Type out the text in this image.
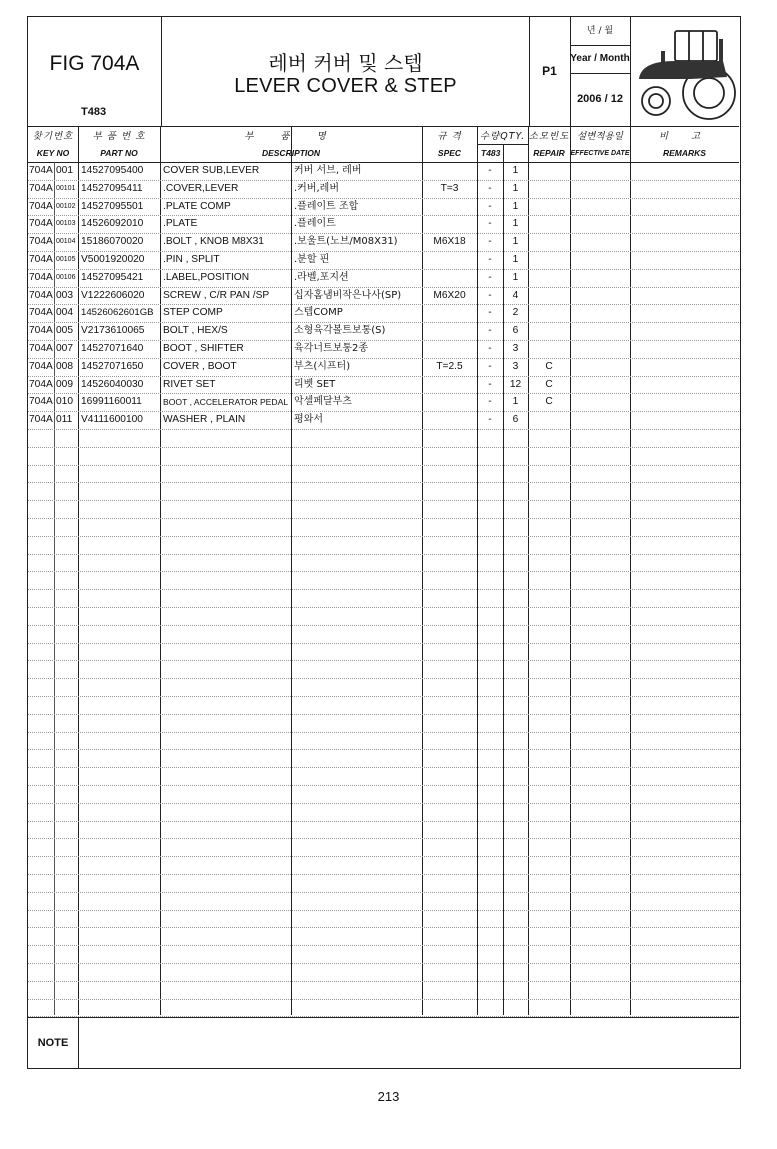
FIG 704A
T483
레버 커버 및 스텝
LEVER COVER & STEP
P1
년 / 월
Year / Month
2006 / 12
찾기번호
KEY NO
부 품 번 호
PART NO
부 품 명
DESCRIPTION
규 격
SPEC
수량QTY.
T483
소모빈도
REPAIR
설변적용일
EFFECTIVE DATE
비 고
REMARKS
704A 001 14527095400	COVER SUB,LEVER	커버 서브, 레버	-	1
704A 00101 14527095411	.COVER,LEVER	.커버,레버	T=3	-	1
704A 00102 14527095501	.PLATE COMP	.플레이트 조합	-	1
704A 00103 14526092010	.PLATE	.플레이트	-	1
704A 00104 15186070020	.BOLT , KNOB M8X31	.보울트(노브/M08X31)	M6X18	-	1
704A 00105 V5001920020	.PIN , SPLIT	.분할 핀	-	1
704A 00106 14527095421	.LABEL,POSITION	.라벨,포지션	-	1
704A 003 V1222606020	SCREW , C/R PAN /SP	십자홈냄비작은나사(SP)	M6X20	-	4
704A 004 14526062601GB STEP COMP	스텝COMP	-	2
704A 005 V2173610065	BOLT , HEX/S	소형육각볼트보통(S)	-	6
704A 007 14527071640	BOOT , SHIFTER	육각너트보통2종	-	3
704A 008 14527071650	COVER , BOOT	부츠(시프터)	T=2.5	-	3	C
704A 009 14526040030	RIVET SET	리벳 SET	-	12	C
704A 010 16991160011	BOOT , ACCELERATOR PEDAL 악셀페달부츠	-	1	C
704A 011 V4111600100	WASHER , PLAIN	평와서	-	6
NOTE
213
